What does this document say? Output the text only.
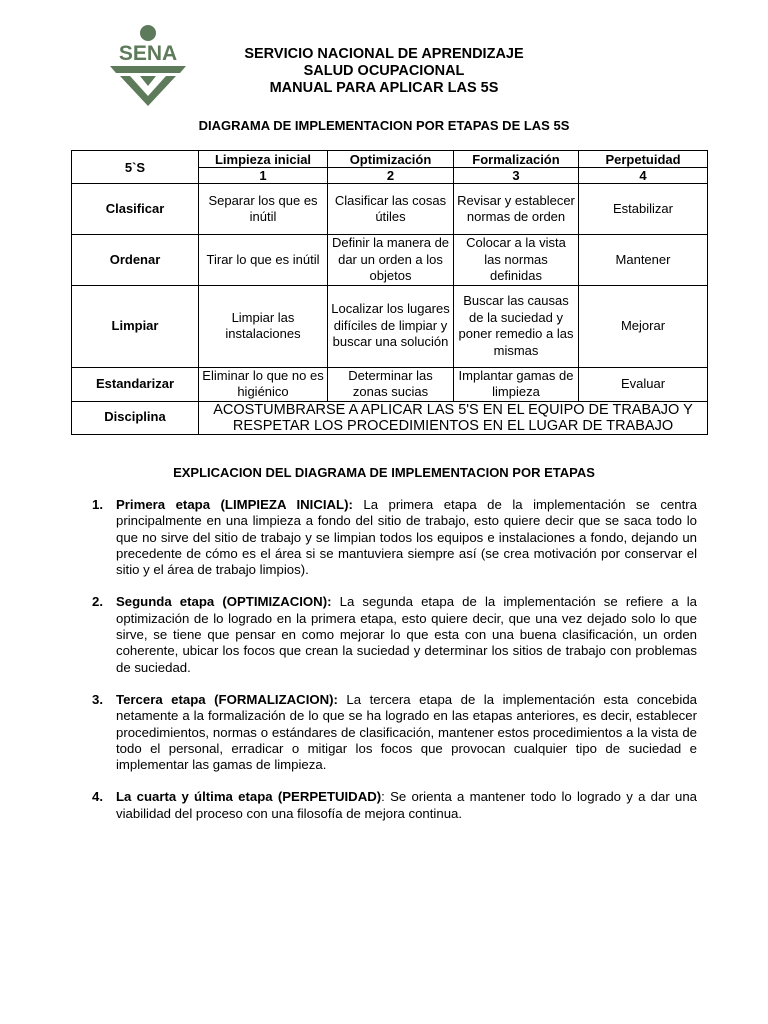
SENA	SERVICIO NACIONAL DE APRENDIZAJE
SALUD OCUPACIONAL
MANUAL PARA APLICAR LAS 5S
DIAGRAMA DE IMPLEMENTACION POR ETAPAS DE LAS 5S
5`S	Limpieza inicial	Optimización	Formalización	Perpetuidad
	1	2	3	4
Clasificar	Separar los que es inútil	Clasificar las cosas útiles	Revisar y establecer normas de orden	Estabilizar
Ordenar	Tirar lo que es inútil	Definir la manera de dar un orden a los objetos	Colocar a la vista las normas definidas	Mantener
Limpiar	Limpiar las instalaciones	Localizar los lugares difíciles de limpiar y buscar una solución	Buscar las causas de la suciedad y poner remedio a las mismas	Mejorar
Estandarizar	Eliminar lo que no es higiénico	Determinar las zonas sucias	Implantar gamas de limpieza	Evaluar
Disciplina	ACOSTUMBRARSE A APLICAR LAS 5'S EN EL EQUIPO DE TRABAJO Y RESPETAR LOS PROCEDIMIENTOS EN EL LUGAR DE TRABAJO			
EXPLICACION DEL DIAGRAMA DE IMPLEMENTACION POR ETAPAS
1. Primera etapa (LIMPIEZA INICIAL): La primera etapa de la implementación se centra principalmente en una limpieza a fondo del sitio de trabajo, esto quiere decir que se saca todo lo que no sirve del sitio de trabajo y se limpian todos los equipos e instalaciones a fondo, dejando un precedente de cómo es el área si se mantuviera siempre así (se crea motivación por conservar el sitio y el área de trabajo limpios).
2. Segunda etapa (OPTIMIZACION): La segunda etapa de la implementación se refiere a la optimización de lo logrado en la primera etapa, esto quiere decir, que una vez dejado solo lo que sirve, se tiene que pensar en como mejorar lo que esta con una buena clasificación, un orden coherente, ubicar los focos que crean la suciedad y determinar los sitios de trabajo con problemas de suciedad.
3. Tercera etapa (FORMALIZACION): La tercera etapa de la implementación esta concebida netamente a la formalización de lo que se ha logrado en las etapas anteriores, es decir, establecer procedimientos, normas o estándares de clasificación, mantener estos procedimientos a la vista de todo el personal, erradicar o mitigar los focos que provocan cualquier tipo de suciedad e implementar las gamas de limpieza.
4. La cuarta y última etapa (PERPETUIDAD): Se orienta a mantener todo lo logrado y a dar una viabilidad del proceso con una filosofía de mejora continua.
